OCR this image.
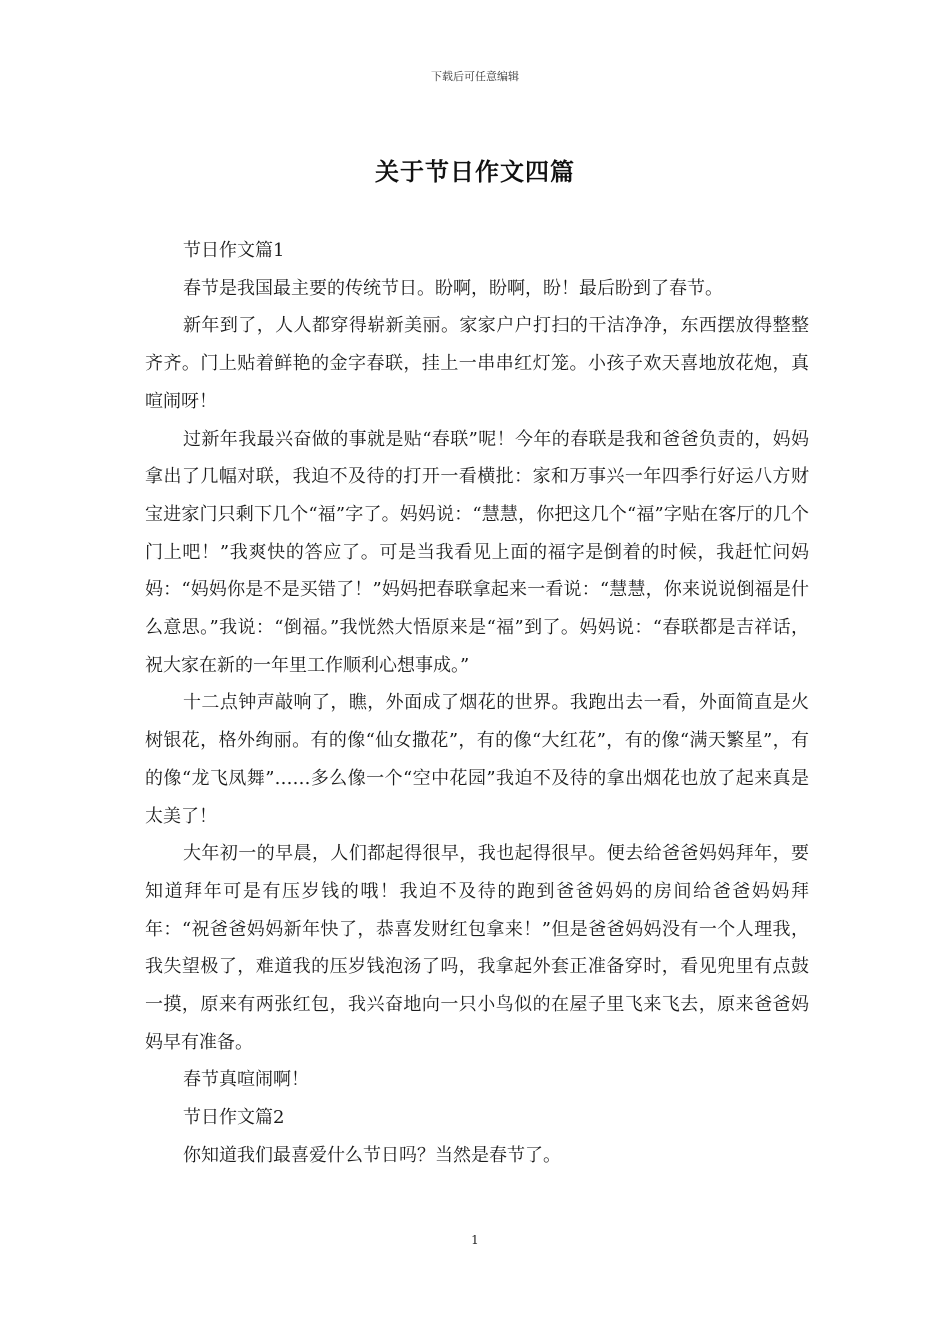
下载后可任意编辑
关于节日作文四篇

节日作文篇1

春节是我国最主要的传统节日。盼啊，盼啊，盼！最后盼到了春节。

新年到了，人人都穿得崭新美丽。家家户户打扫的干洁净净，东西摆放得整整齐齐。门上贴着鲜艳的金字春联，挂上一串串红灯笼。小孩子欢天喜地放花炮，真喧闹呀！

过新年我最兴奋做的事就是贴“春联”呢！今年的春联是我和爸爸负责的，妈妈拿出了几幅对联，我迫不及待的打开一看横批：家和万事兴一年四季行好运八方财宝进家门只剩下几个“福”字了。妈妈说：“慧慧，你把这几个“福”字贴在客厅的几个门上吧！”我爽快的答应了。可是当我看见上面的福字是倒着的时候，我赶忙问妈妈：“妈妈你是不是买错了！”妈妈把春联拿起来一看说：“慧慧，你来说说倒福是什么意思。”我说：“倒福。”我恍然大悟原来是“福”到了。妈妈说：“春联都是吉祥话，祝大家在新的一年里工作顺利心想事成。”

十二点钟声敲响了，瞧，外面成了烟花的世界。我跑出去一看，外面简直是火树银花，格外绚丽。有的像“仙女撒花”，有的像“大红花”，有的像“满天繁星”，有的像“龙飞凤舞”……多么像一个“空中花园”我迫不及待的拿出烟花也放了起来真是太美了！

大年初一的早晨，人们都起得很早，我也起得很早。便去给爸爸妈妈拜年，要知道拜年可是有压岁钱的哦！我迫不及待的跑到爸爸妈妈的房间给爸爸妈妈拜年：“祝爸爸妈妈新年快了，恭喜发财红包拿来！”但是爸爸妈妈没有一个人理我，我失望极了，难道我的压岁钱泡汤了吗，我拿起外套正准备穿时，看见兜里有点鼓一摸，原来有两张红包，我兴奋地向一只小鸟似的在屋子里飞来飞去，原来爸爸妈妈早有准备。

春节真喧闹啊！

节日作文篇2

你知道我们最喜爱什么节日吗？当然是春节了。

1
